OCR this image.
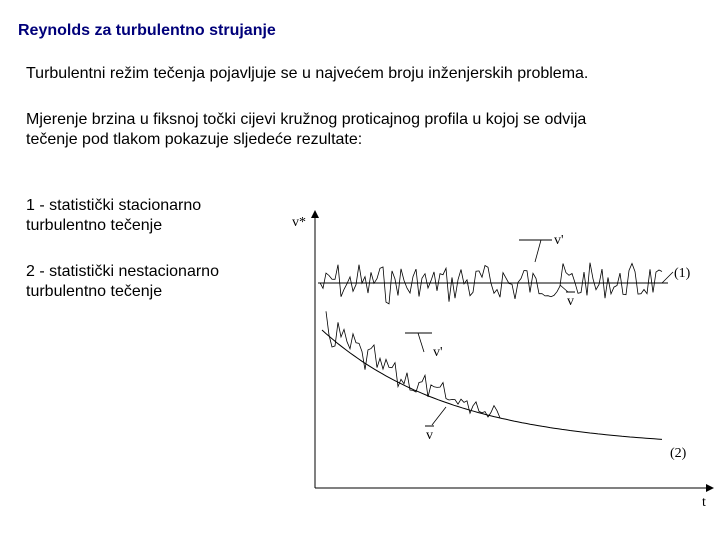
Reynolds za turbulentno strujanje

Turbulentni režim tečenja pojavljuje se u najvećem broju inženjerskih problema.

Mjerenje brzina u fiksnoj točki cijevi kružnog proticajnog profila u kojoj se odvija
tečenje pod tlakom pokazuje sljedeće rezultate:

1 - statistički stacionarno
turbulentno tečenje

2 - statistički nestacionarno
turbulentno tečenje

v*
t
v'
v
(1)
v'
v
(2)
